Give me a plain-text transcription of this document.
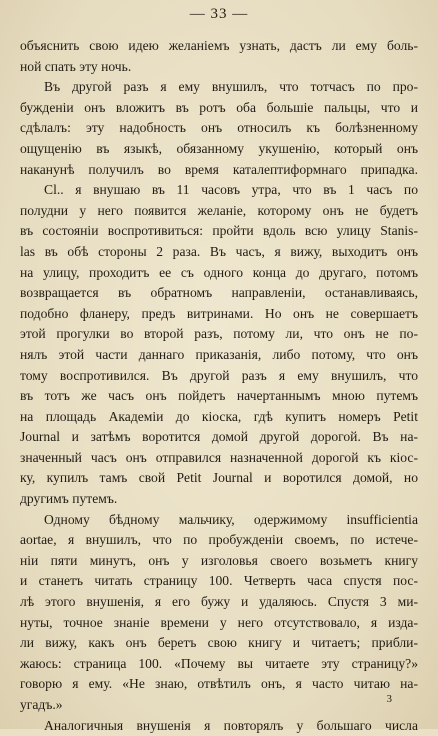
— 33 —
объяснить свою идею желаніемъ узнать, дастъ ли ему боль-
ной спать эту ночь.
Въ другой разъ я ему внушилъ, что тотчасъ по про-
бужденіи онъ вложитъ въ ротъ оба большіе пальцы, что и
сдѣлалъ: эту надобность онъ относилъ къ болѣзненному
ощущенію въ языкѣ, обязанному укушенію, который онъ
наканунѣ получилъ во время каталептиформнаго припадка.
Cl.. я внушаю въ 11 часовъ утра, что въ 1 часъ по
полудни у него появится желаніе, которому онъ не будетъ
въ состояніи воспротивиться: пройти вдоль всю улицу Stanis-
las въ обѣ стороны 2 раза. Въ часъ, я вижу, выходитъ онъ
на улицу, проходитъ ее съ одного конца до другаго, потомъ
возвращается въ обратномъ направленіи, останавливаясь,
подобно фланеру, предъ витринами. Но онъ не совершаетъ
этой прогулки во второй разъ, потому ли, что онъ не по-
нялъ этой части даннаго приказанія, либо потому, что онъ
тому воспротивился. Въ другой разъ я ему внушилъ, что
въ тотъ же часъ онъ пойдетъ начертаннымъ мною путемъ
на площадь Академіи до кіоска, гдѣ купитъ номеръ Petit
Journal и затѣмъ воротится домой другой дорогой. Въ на-
значенный часъ онъ отправился назначенной дорогой къ кіос-
ку, купилъ тамъ свой Petit Journal и воротился домой, но
другимъ путемъ.
Одному бѣдному мальчику, одержимому insufficientia
aortae, я внушилъ, что по пробужденіи своемъ, по истече-
ніи пяти минутъ, онъ у изголовья своего возьметъ книгу
и станетъ читать страницу 100. Четверть часа спустя пос-
лѣ этого внушенія, я его бужу и удаляюсь. Спустя 3 ми-
нуты, точное знаніе времени у него отсутствовало, я изда-
ли вижу, какъ онъ беретъ свою книгу и читаетъ; прибли-
жаюсь: страница 100. «Почему вы читаете эту страницу?»
говорю я ему. «Не знаю, отвѣтилъ онъ, я часто читаю на-
угадъ.»
Аналогичныя внушенія я повторялъ у большаго числа
3
